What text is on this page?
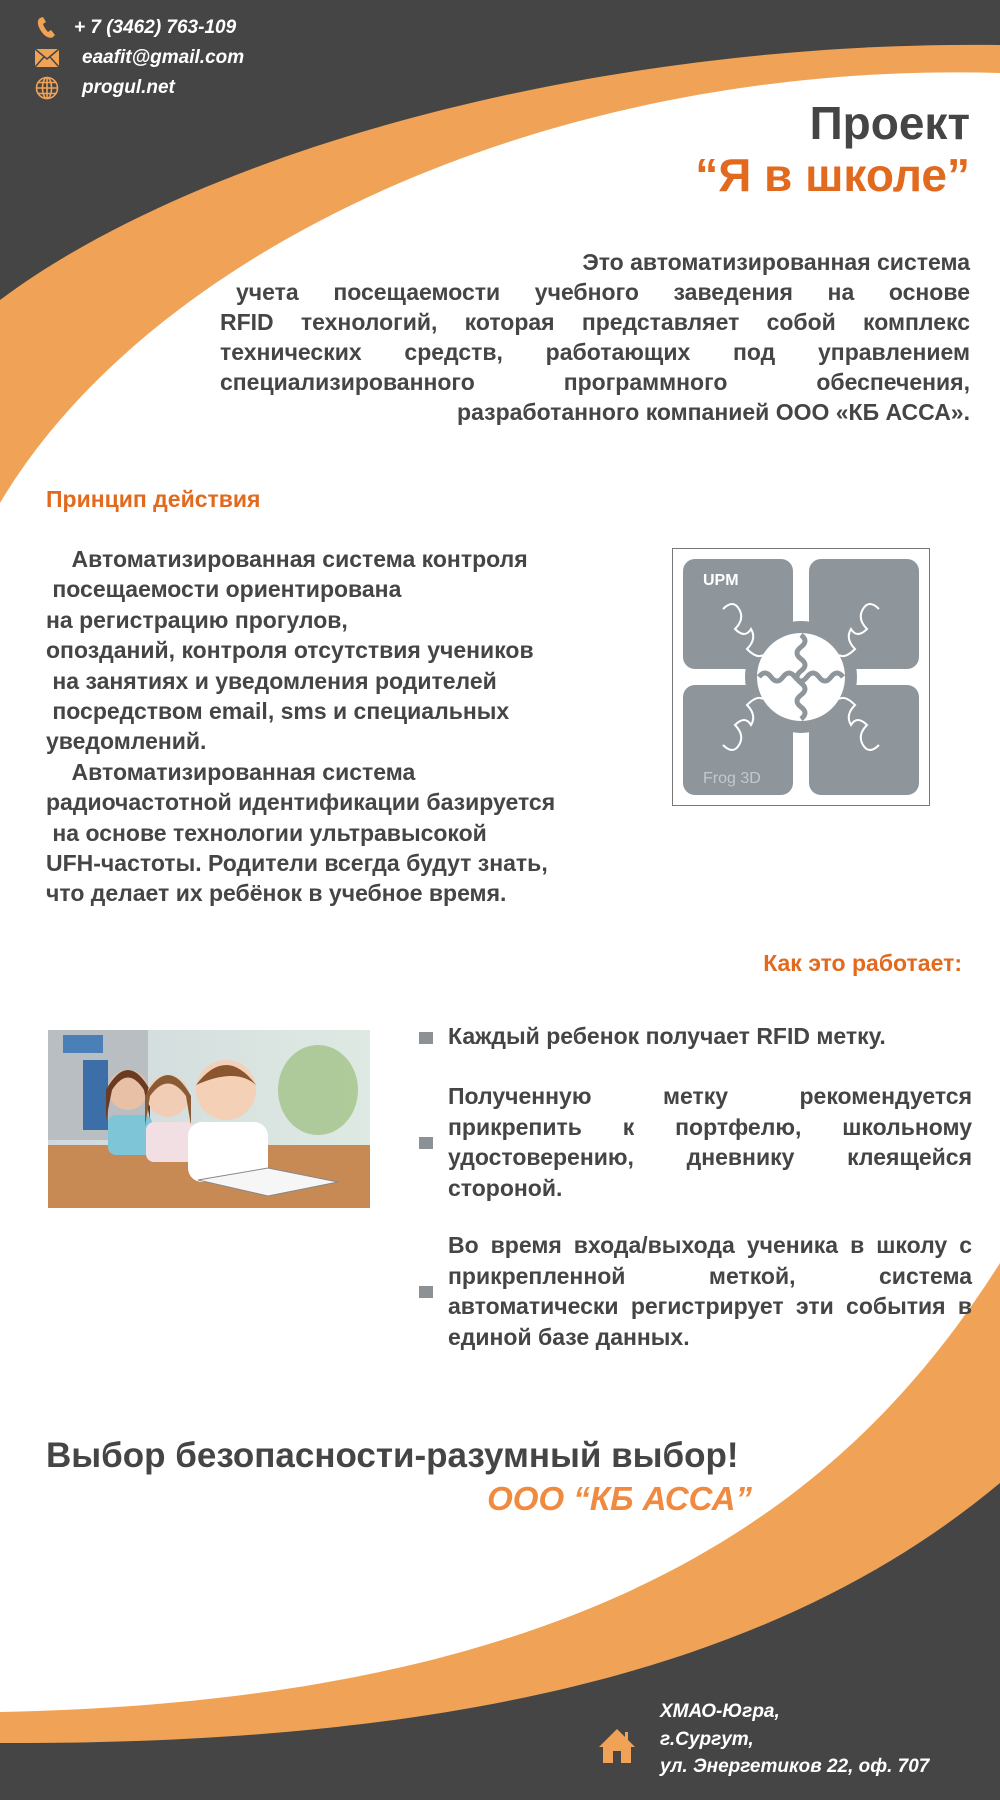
+ 7 (3462) 763-109
eaafit@gmail.com
progul.net
Проект
“Я в школе”
Это автоматизированная система
учета посещаемости учебного заведения на основе
RFID технологий, которая представляет собой комплекс
технических средств, работающих под управлением
специализированного программного обеспечения,
разработанного компанией ООО «КБ АССА».
Принцип действия
Автоматизированная система контроля
посещаемости ориентирована
на регистрацию прогулов,
опозданий, контроля отсутствия учеников
на занятиях и уведомления родителей
посредством email, sms и специальных
уведомлений.
Автоматизированная система
радиочастотной идентификации базируется
на основе технологии ультравысокой
UFH-частоты. Родители всегда будут знать,
что делает их ребёнок в учебное время.
UPM
Frog 3D
Как это работает:
Каждый ребенок получает RFID метку.
Полученную метку рекомендуется прикрепить к портфелю, школьному удостоверению, дневнику клеящейся стороной.
Во время входа/выхода ученика в школу с прикрепленной меткой, система автоматически регистрирует эти события в единой базе данных.
Выбор безопасности-разумный выбор!
ООО “КБ АССА”
ХМАО-Югра,
г.Сургут,
ул. Энергетиков 22, оф. 707
